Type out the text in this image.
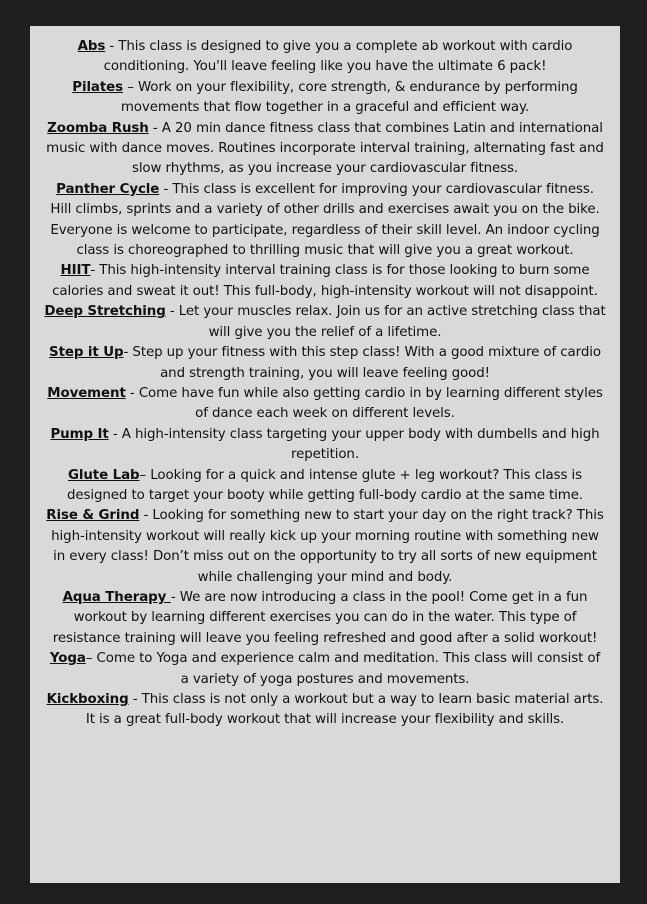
Abs - This class is designed to give you a complete ab workout with cardio conditioning. You'll leave feeling like you have the ultimate 6 pack!

Pilates – Work on your flexibility, core strength, & endurance by performing movements that flow together in a graceful and efficient way.

Zoomba Rush - A 20 min dance fitness class that combines Latin and international music with dance moves. Routines incorporate interval training, alternating fast and slow rhythms, as you increase your cardiovascular fitness.

Panther Cycle - This class is excellent for improving your cardiovascular fitness. Hill climbs, sprints and a variety of other drills and exercises await you on the bike. Everyone is welcome to participate, regardless of their skill level. An indoor cycling class is choreographed to thrilling music that will give you a great workout.

HIIT- This high-intensity interval training class is for those looking to burn some calories and sweat it out! This full-body, high-intensity workout will not disappoint.

Deep Stretching - Let your muscles relax. Join us for an active stretching class that will give you the relief of a lifetime.

Step it Up- Step up your fitness with this step class! With a good mixture of cardio and strength training, you will leave feeling good!

Movement - Come have fun while also getting cardio in by learning different styles of dance each week on different levels.

Pump It - A high-intensity class targeting your upper body with dumbells and high repetition.

Glute Lab– Looking for a quick and intense glute + leg workout? This class is designed to target your booty while getting full-body cardio at the same time.

Rise & Grind - Looking for something new to start your day on the right track? This high-intensity workout will really kick up your morning routine with something new in every class! Don’t miss out on the opportunity to try all sorts of new equipment while challenging your mind and body.

Aqua Therapy - We are now introducing a class in the pool! Come get in a fun workout by learning different exercises you can do in the water. This type of resistance training will leave you feeling refreshed and good after a solid workout!

Yoga– Come to Yoga and experience calm and meditation. This class will consist of a variety of yoga postures and movements.

Kickboxing - This class is not only a workout but a way to learn basic material arts. It is a great full-body workout that will increase your flexibility and skills.
